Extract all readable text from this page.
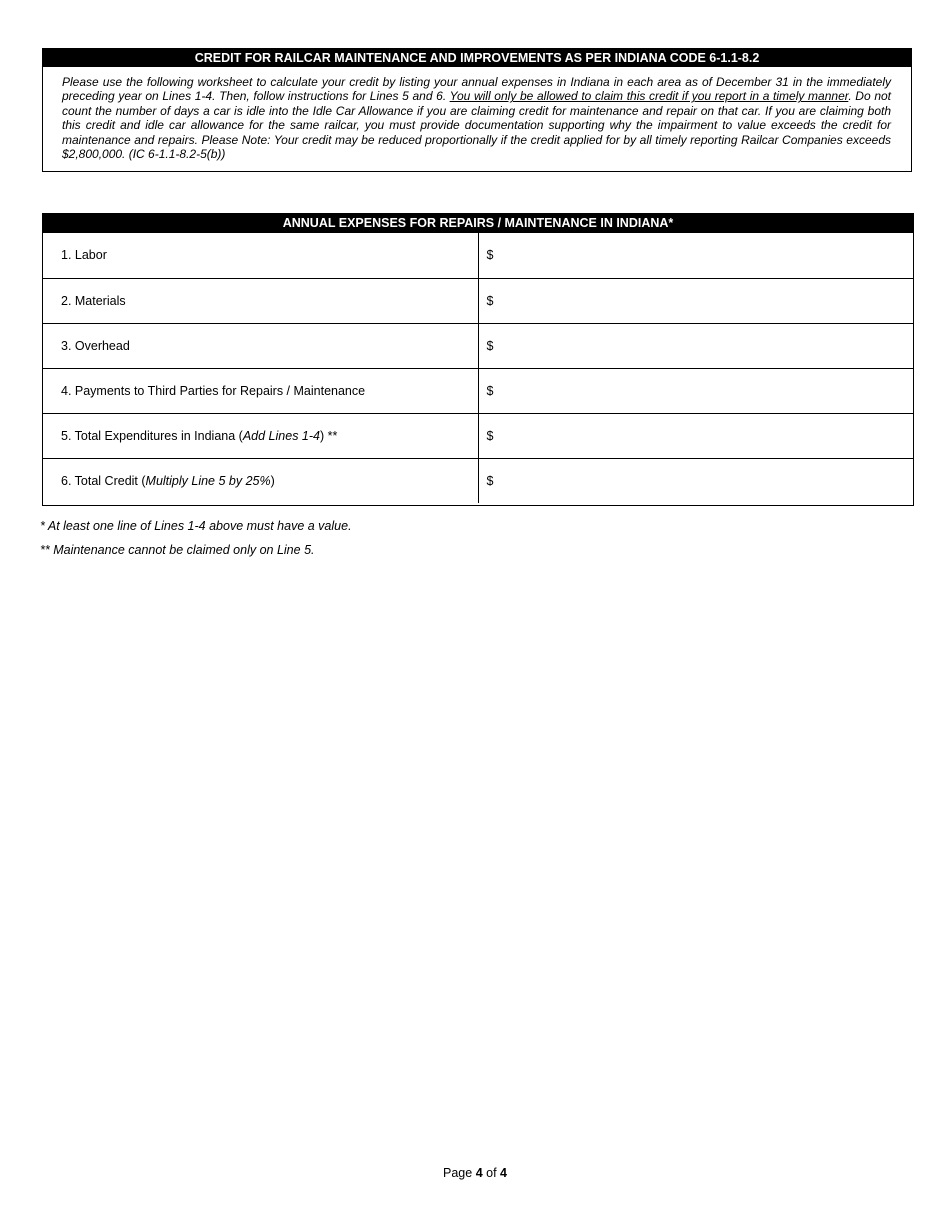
CREDIT FOR RAILCAR MAINTENANCE AND IMPROVEMENTS AS PER INDIANA CODE 6-1.1-8.2
Please use the following worksheet to calculate your credit by listing your annual expenses in Indiana in each area as of December 31 in the immediately preceding year on Lines 1-4. Then, follow instructions for Lines 5 and 6. You will only be allowed to claim this credit if you report in a timely manner. Do not count the number of days a car is idle into the Idle Car Allowance if you are claiming credit for maintenance and repair on that car. If you are claiming both this credit and idle car allowance for the same railcar, you must provide documentation supporting why the impairment to value exceeds the credit for maintenance and repairs. Please Note: Your credit may be reduced proportionally if the credit applied for by all timely reporting Railcar Companies exceeds $2,800,000. (IC 6-1.1-8.2-5(b))
ANNUAL EXPENSES FOR REPAIRS / MAINTENANCE IN INDIANA*
1. Labor	$
2. Materials	$
3. Overhead	$
4. Payments to Third Parties for Repairs / Maintenance	$
5. Total Expenditures in Indiana (Add Lines 1-4) **	$
6. Total Credit (Multiply Line 5 by 25%)	$
* At least one line of Lines 1-4 above must have a value.
** Maintenance cannot be claimed only on Line 5.
Page 4 of 4
